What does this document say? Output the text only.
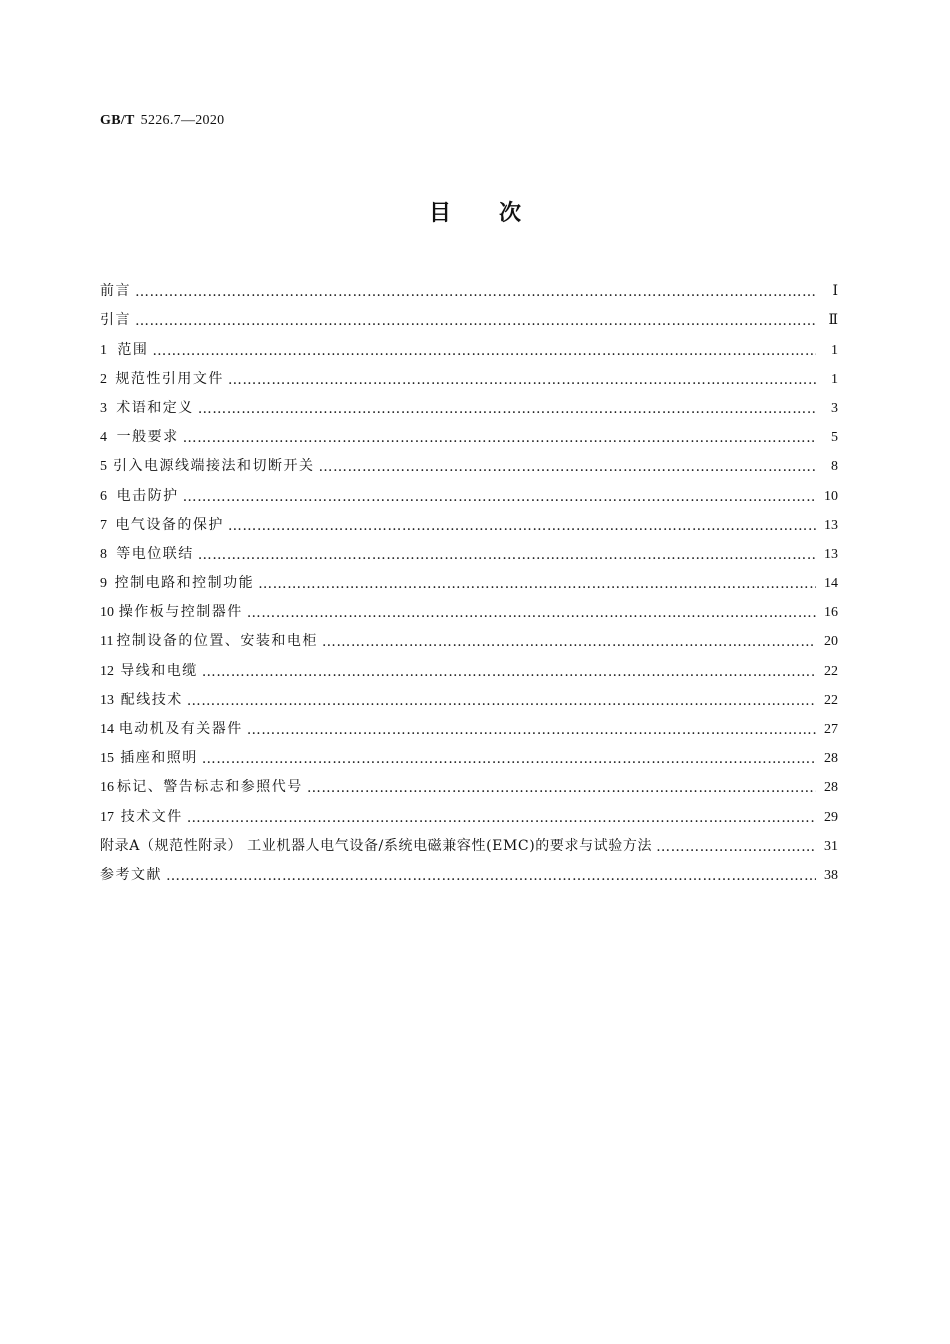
GB/T 5226.7—2020
目次
前言 ……………………………………………………………………………………………………………………………………………………………………………………………	Ⅰ
引言 ……………………………………………………………………………………………………………………………………………………………………………………………	Ⅱ
1 范围 ……………………………………………………………………………………………………………………………………………………………………………………………	1
2 规范性引用文件 ……………………………………………………………………………………………………………………………………………………………………………………………	1
3 术语和定义 ……………………………………………………………………………………………………………………………………………………………………………………………	3
4 一般要求 ……………………………………………………………………………………………………………………………………………………………………………………………	5
5 引入电源线端接法和切断开关 ……………………………………………………………………………………………………………………………………………………………………………………………	8
6 电击防护 ……………………………………………………………………………………………………………………………………………………………………………………………	10
7 电气设备的保护 ……………………………………………………………………………………………………………………………………………………………………………………………	13
8 等电位联结 ……………………………………………………………………………………………………………………………………………………………………………………………	13
9 控制电路和控制功能 ……………………………………………………………………………………………………………………………………………………………………………………………	14
10 操作板与控制器件 ……………………………………………………………………………………………………………………………………………………………………………………………	16
11 控制设备的位置、安装和电柜 ……………………………………………………………………………………………………………………………………………………………………………………………	20
12 导线和电缆 ……………………………………………………………………………………………………………………………………………………………………………………………	22
13 配线技术 ……………………………………………………………………………………………………………………………………………………………………………………………	22
14 电动机及有关器件 ……………………………………………………………………………………………………………………………………………………………………………………………	27
15 插座和照明 ……………………………………………………………………………………………………………………………………………………………………………………………	28
16 标记、警告标志和参照代号 ……………………………………………………………………………………………………………………………………………………………………………………………	28
17 技术文件 ……………………………………………………………………………………………………………………………………………………………………………………………	29
附录A（规范性附录） 工业机器人电气设备/系统电磁兼容性(EMC)的要求与试验方法 ……………………………………………………………………………………………………………………………………………………………………………………………	31
参考文献 ……………………………………………………………………………………………………………………………………………………………………………………………	38
